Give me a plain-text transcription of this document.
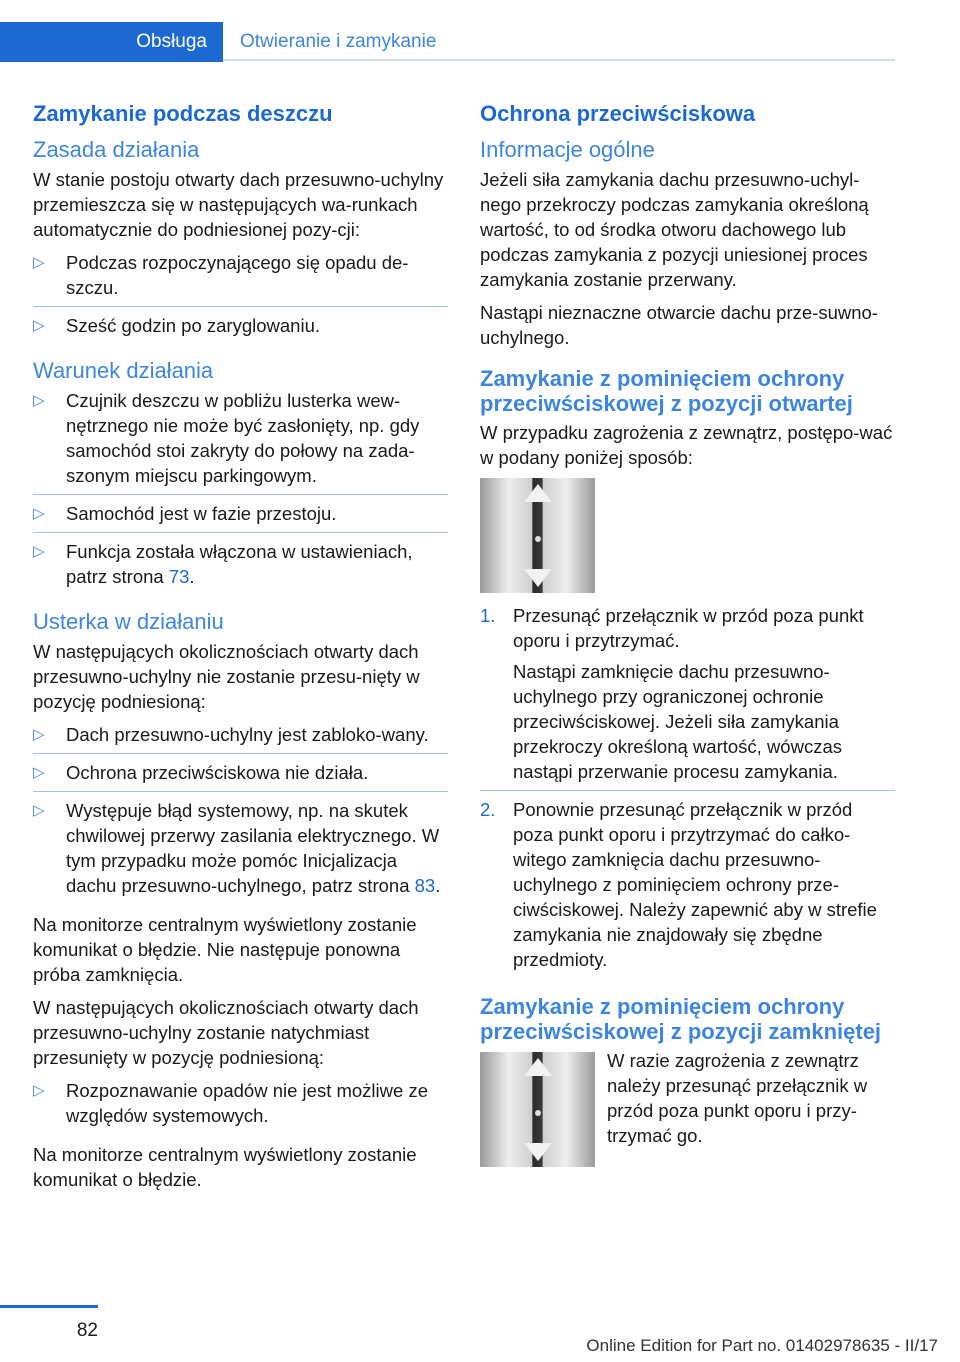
Obsługa Otwieranie i zamykanie
Zamykanie podczas deszczu
Zasada działania

W stanie postoju otwarty dach przesuwno-uchylny przemieszcza się w następujących wa-runkach automatycznie do podniesionej pozy-cji:

▷ Podczas rozpoczynającego się opadu de-szczu.
▷ Sześć godzin po zaryglowaniu.
Warunek działania
▷ Czujnik deszczu w pobliżu lusterka wew-nętrznego nie może być zasłonięty, np. gdy samochód stoi zakryty do połowy na zada-szonym miejscu parkingowym.
▷ Samochód jest w fazie przestoju.
▷ Funkcja została włączona w ustawieniach, patrz strona 73.
Usterka w działaniu

W następujących okolicznościach otwarty dach przesuwno-uchylny nie zostanie przesu-nięty w pozycję podniesioną:

▷ Dach przesuwno-uchylny jest zabloko-wany.
▷ Ochrona przeciwściskowa nie działa.
▷ Występuje błąd systemowy, np. na skutek chwilowej przerwy zasilania elektrycznego. W tym przypadku może pomóc Inicjalizacja dachu przesuwno-uchylnego, patrz strona 83.

Na monitorze centralnym wyświetlony zostanie komunikat o błędzie. Nie następuje ponowna próba zamknięcia.

W następujących okolicznościach otwarty dach przesuwno-uchylny zostanie natychmiast przesunięty w pozycję podniesioną:

▷ Rozpoznawanie opadów nie jest możliwe ze względów systemowych.

Na monitorze centralnym wyświetlony zostanie komunikat o błędzie.

Ochrona przeciwściskowa
Informacje ogólne

Jeżeli siła zamykania dachu przesuwno-uchyl-nego przekroczy podczas zamykania określoną wartość, to od środka otworu dachowego lub podczas zamykania z pozycji uniesionej proces zamykania zostanie przerwany.

Nastąpi nieznaczne otwarcie dachu prze-suwno-uchylnego.

Zamykanie z pominięciem ochrony przeciwściskowej z pozycji otwartej

W przypadku zagrożenia z zewnątrz, postępo-wać w podany poniżej sposób:

1. Przesunąć przełącznik w przód poza punkt oporu i przytrzymać.

Nastąpi zamknięcie dachu przesuwno-uchylnego przy ograniczonej ochronie przeciwściskowej. Jeżeli siła zamykania przekroczy określoną wartość, wówczas nastąpi przerwanie procesu zamykania.

2. Ponownie przesunąć przełącznik w przód poza punkt oporu i przytrzymać do całko-witego zamknięcia dachu przesuwno-uchylnego z pominięciem ochrony prze-ciwściskowej. Należy zapewnić aby w strefie zamykania nie znajdowały się zbędne przedmioty.
Zamykanie z pominięciem ochrony przeciwściskowej z pozycji zamkniętej

W razie zagrożenia z zewnątrz należy przesunąć przełącznik w przód poza punkt oporu i przy-trzymać go.

82
Online Edition for Part no. 01402978635 - II/17
